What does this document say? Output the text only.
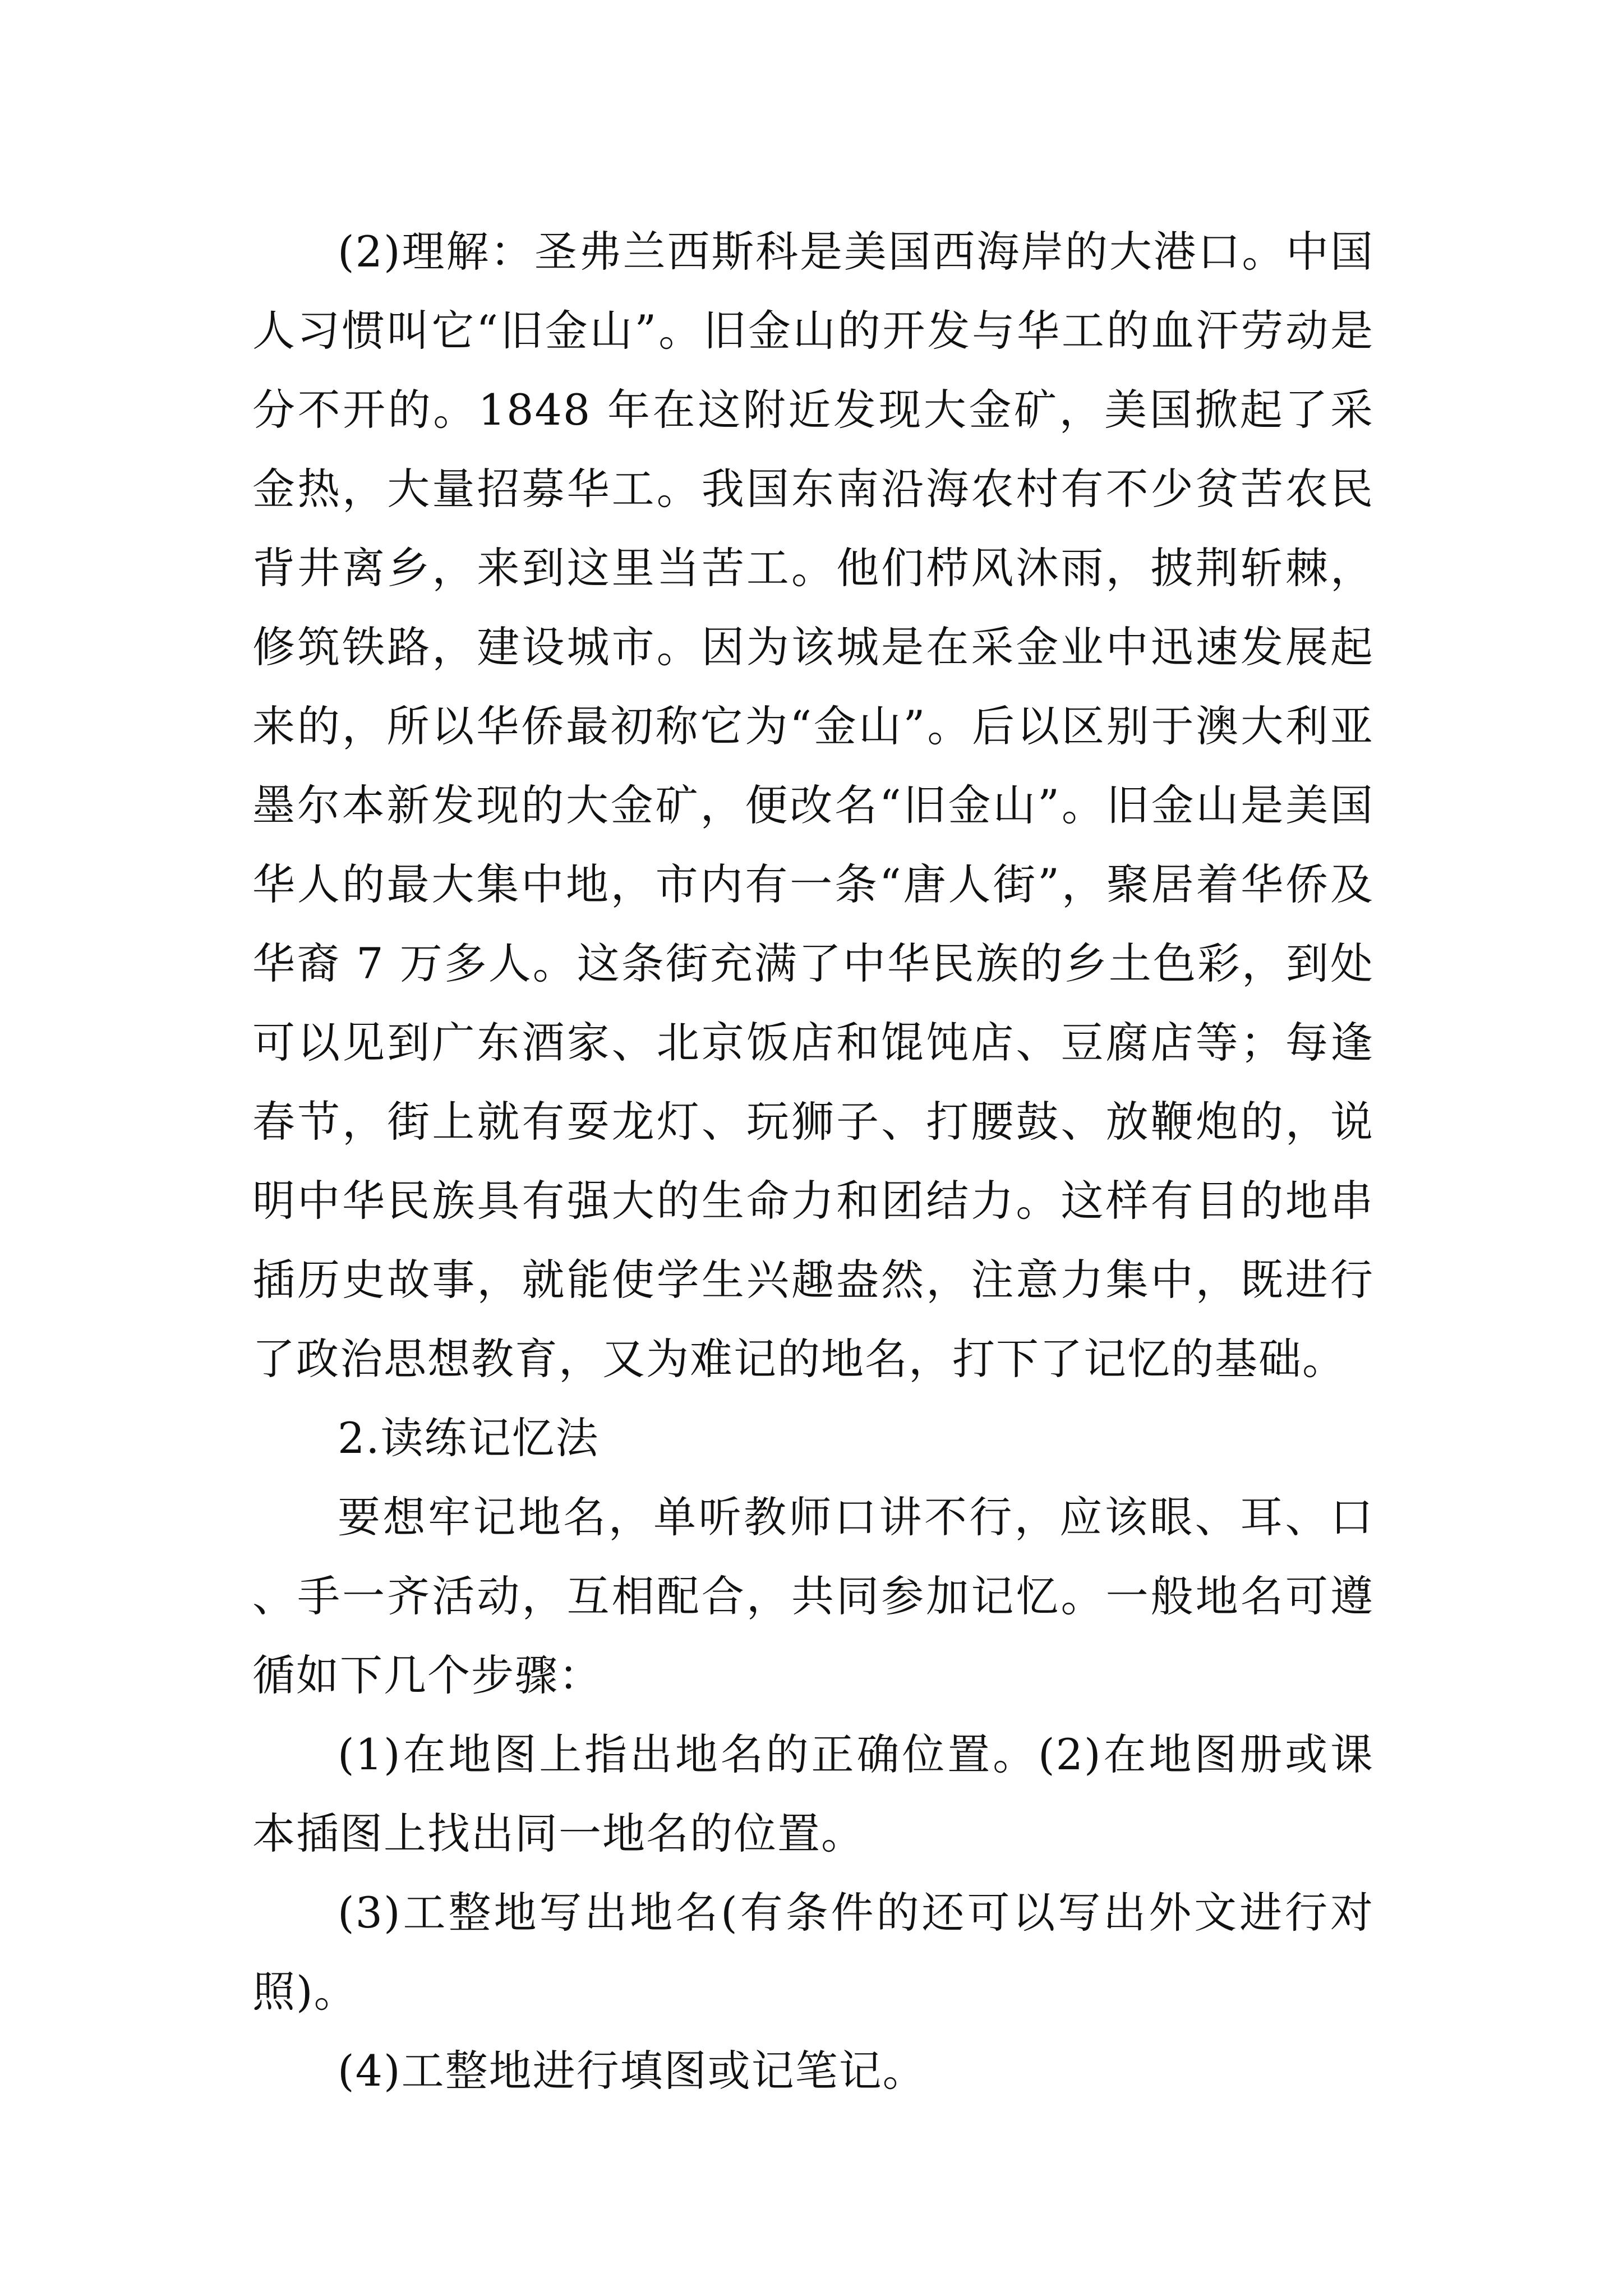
(2)理解：圣弗兰西斯科是美国西海岸的大港口。中国人习惯叫它“旧金山”。旧金山的开发与华工的血汗劳动是分不开的。1848 年在这附近发现大金矿，美国掀起了采金热，大量招募华工。我国东南沿海农村有不少贫苦农民背井离乡，来到这里当苦工。他们栉风沐雨，披荆斩棘，修筑铁路，建设城市。因为该城是在采金业中迅速发展起来的，所以华侨最初称它为“金山”。后以区别于澳大利亚墨尔本新发现的大金矿，便改名“旧金山”。旧金山是美国华人的最大集中地，市内有一条“唐人街”，聚居着华侨及华裔 7 万多人。这条街充满了中华民族的乡土色彩，到处可以见到广东酒家、北京饭店和馄饨店、豆腐店等；每逢春节，街上就有耍龙灯、玩狮子、打腰鼓、放鞭炮的，说明中华民族具有强大的生命力和团结力。这样有目的地串插历史故事，就能使学生兴趣盎然，注意力集中，既进行了政治思想教育，又为难记的地名，打下了记忆的基础。

2.读练记忆法

要想牢记地名，单听教师口讲不行，应该眼、耳、口、手一齐活动，互相配合，共同参加记忆。一般地名可遵循如下几个步骤：

(1)在地图上指出地名的正确位置。(2)在地图册或课本插图上找出同一地名的位置。

(3)工整地写出地名(有条件的还可以写出外文进行对照)。

(4)工整地进行填图或记笔记。
